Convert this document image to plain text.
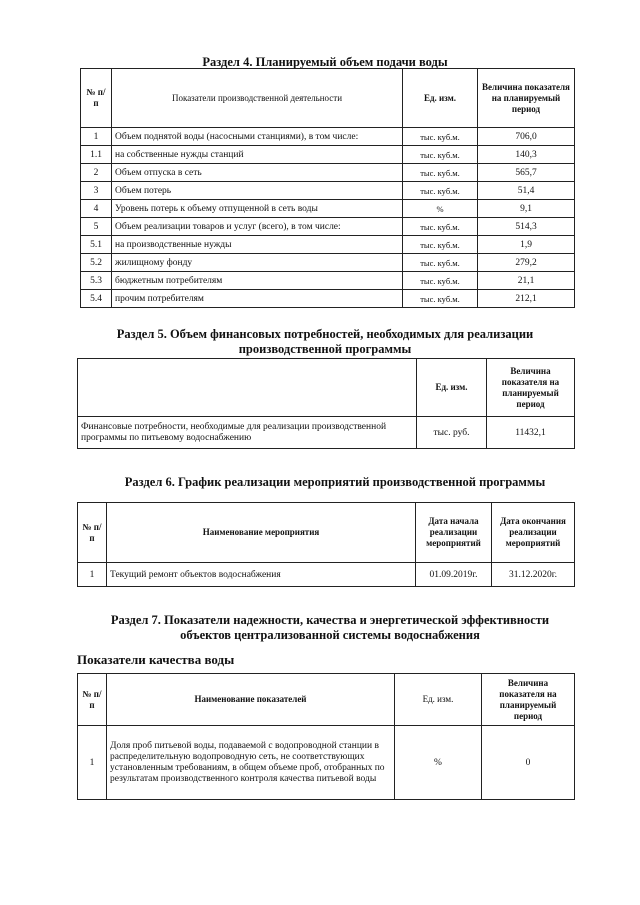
Раздел 4. Планируемый объем подачи воды
№ п/п	Показатели производственной деятельности	Ед. изм.	Величина показателя на планируемый период
1	Объем поднятой воды (насосными станциями), в том числе:	тыс. куб.м.	706,0
1.1	на собственные нужды станций	тыс. куб.м.	140,3
2	Объем отпуска в сеть	тыс. куб.м.	565,7
3	Объем потерь	тыс. куб.м.	51,4
4	Уровень потерь к объему отпущенной в сеть воды	%	9,1
5	Объем реализации товаров и услуг (всего), в том числе:	тыс. куб.м.	514,3
5.1	на производственные нужды	тыс. куб.м.	1,9
5.2	жилищному фонду	тыс. куб.м.	279,2
5.3	бюджетным потребителям	тыс. куб.м.	21,1
5.4	прочим потребителям	тыс. куб.м.	212,1
Раздел 5. Объем финансовых потребностей, необходимых для реализации
производственной программы
	Ед. изм.	Величина показателя на планируемый период
Финансовые потребности, необходимые для реализации производственной программы по питьевому водоснабжению	тыс. руб.	11432,1
Раздел 6. График реализации мероприятий производственной программы
№ п/п	Наименование мероприятия	Дата начала реализации мероприятий	Дата окончания реализации мероприятий
1	Текущий ремонт объектов водоснабжения	01.09.2019г.	31.12.2020г.
Раздел 7. Показатели надежности, качества и энергетической эффективности
объектов централизованной системы водоснабжения
Показатели качества воды
№ п/п	Наименование показателей	Ед. изм.	Величина показателя на планируемый период
1	Доля проб питьевой воды, подаваемой с водопроводной станции в распределительную водопроводную сеть, не соответствующих установленным требованиям, в общем объеме проб, отобранных по результатам производственного контроля качества питьевой воды	%	0
